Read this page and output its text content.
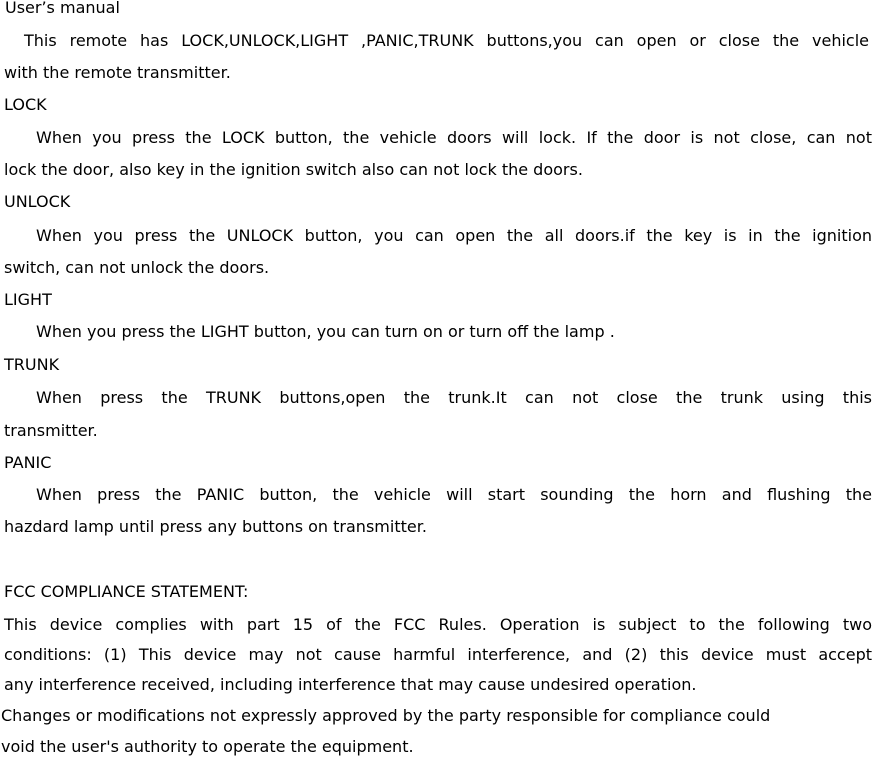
User’s manual
This remote has LOCK,UNLOCK,LIGHT ,PANIC,TRUNK buttons,you can open or close the vehicle
with the remote transmitter.
LOCK
When you press the LOCK button, the vehicle doors will lock. If the door is not close, can not
lock the door, also key in the ignition switch also can not lock the doors.
UNLOCK
When you press the UNLOCK button, you can open the all doors.if the key is in the ignition
switch, can not unlock the doors.
LIGHT
When you press the LIGHT button, you can turn on or turn off the lamp .
TRUNK
When press the TRUNK buttons,open the trunk.It can not close the trunk using this
transmitter.
PANIC
When press the PANIC button, the vehicle will start sounding the horn and flushing the
hazdard lamp until press any buttons on transmitter.
FCC COMPLIANCE STATEMENT:
This device complies with part 15 of the FCC Rules. Operation is subject to the following two
conditions: (1) This device may not cause harmful interference, and (2) this device must accept
any interference received, including interference that may cause undesired operation.
Changes or modifications not expressly approved by the party responsible for compliance could
void the user's authority to operate the equipment.
